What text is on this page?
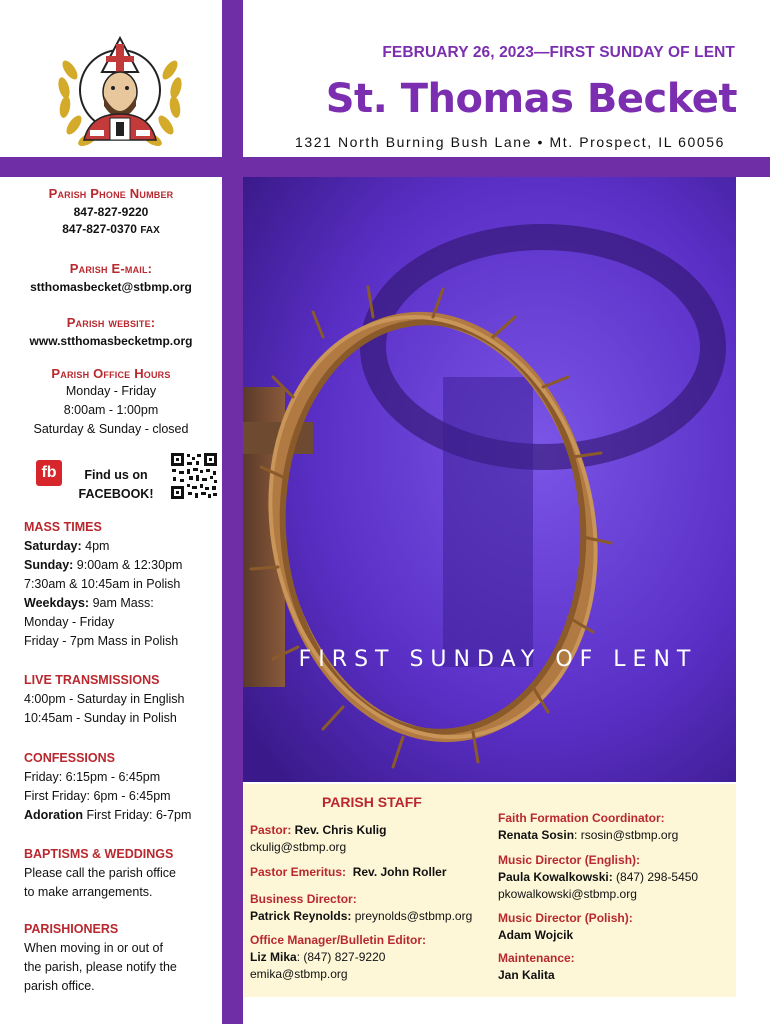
FEBRUARY 26, 2023—FIRST SUNDAY OF LENT
St. Thomas Becket
1321 North Burning Bush Lane • Mt. Prospect, IL 60056
Parish Phone Number
847-827-9220
847-827-0370 FAX
Parish E-mail:
stthomasbecket@stbmp.org
Parish website:
www.stthomasbecketmp.org
Parish Office Hours
Monday - Friday
8:00am - 1:00pm
Saturday & Sunday - closed
fb	Find us on
FACEBOOK!
MASS TIMES
Saturday: 4pm
Sunday: 9:00am & 12:30pm
7:30am & 10:45am in Polish
Weekdays: 9am Mass:
Monday - Friday
Friday - 7pm Mass in Polish
LIVE TRANSMISSIONS
4:00pm - Saturday in English
10:45am - Sunday in Polish
CONFESSIONS
Friday: 6:15pm - 6:45pm
First Friday: 6pm - 6:45pm
Adoration First Friday: 6-7pm
BAPTISMS & WEDDINGS
Please call the parish office
to make arrangements.
PARISHIONERS
When moving in or out of
the parish, please notify the
parish office.
FIRST SUNDAY OF LENT
PARISH STAFF
Pastor: Rev. Chris Kulig
ckulig@stbmp.org
Pastor Emeritus: Rev. John Roller
Business Director:
Patrick Reynolds: preynolds@stbmp.org
Office Manager/Bulletin Editor:
Liz Mika: (847) 827-9220
emika@stbmp.org
Faith Formation Coordinator:
Renata Sosin: rsosin@stbmp.org
Music Director (English):
Paula Kowalkowski: (847) 298-5450
pkowalkowski@stbmp.org
Music Director (Polish):
Adam Wojcik
Maintenance:
Jan Kalita
